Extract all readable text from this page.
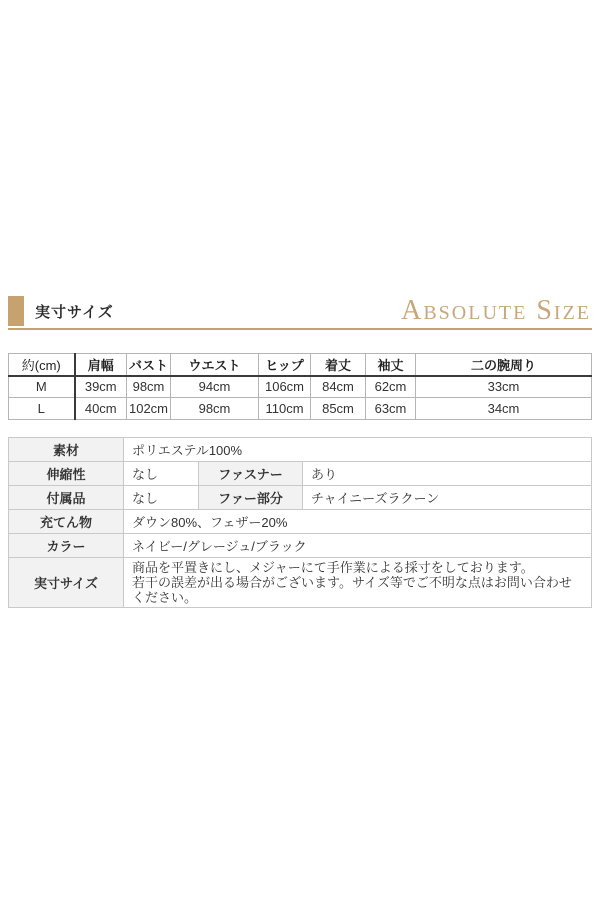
実寸サイズ	Absolute Size
約(cm)	肩幅	バスト	ウエスト	ヒップ	着丈	袖丈	二の腕周り
M	39cm	98cm	94cm	106cm	84cm	62cm	33cm
L	40cm	102cm	98cm	110cm	85cm	63cm	34cm
素材	ポリエステル100%		
伸縮性	なし	ファスナー	あり
付属品	なし	ファー部分	チャイニーズラクーン
充てん物	ダウン80%、フェザー20%		
カラー	ネイビー/グレージュ/ブラック		
実寸サイズ	商品を平置きにし、メジャーにて手作業による採寸をしております。
若干の誤差が出る場合がございます。サイズ等でご不明な点はお問い合わせください。		
